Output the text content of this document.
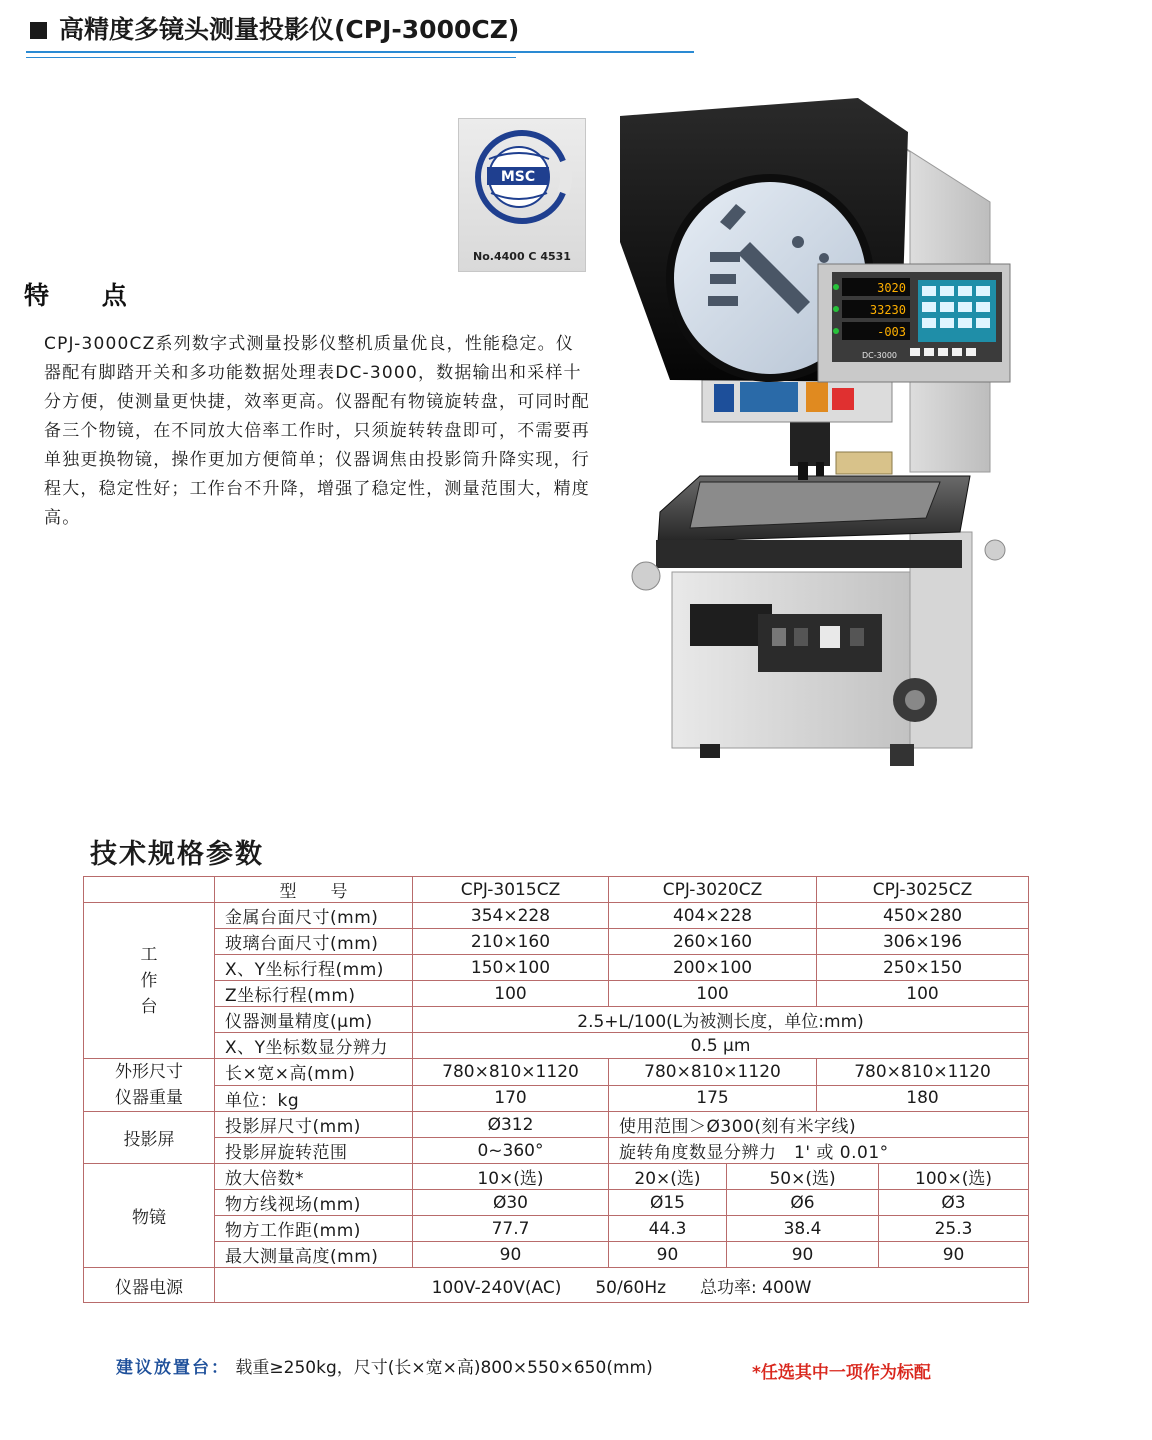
高精度多镜头测量投影仪(CPJ-3000CZ)
特 点
CPJ-3000CZ系列数字式测量投影仪整机质量优良，性能稳定。仪器配有脚踏开关和多功能数据处理表DC-3000，数据输出和采样十分方便，使测量更快捷，效率更高。仪器配有物镜旋转盘，可同时配备三个物镜，在不同放大倍率工作时，只须旋转转盘即可，不需要再单独更换物镜，操作更加方便简单；仪器调焦由投影筒升降实现，行程大，稳定性好；工作台不升降，增强了稳定性，测量范围大，精度高。
MSC
No.4400 C 4531
3020
33230
-003
DC-3000
技术规格参数
	型　　号	CPJ-3015CZ	CPJ-3020CZ		CPJ-3025CZ	
工
作
台	金属台面尺寸(mm)	354×228	404×228		450×280	
	玻璃台面尺寸(mm)	210×160	260×160		306×196	
	X、Y坐标行程(mm)	150×100	200×100		250×150	
	Z坐标行程(mm)	100	100		100	
	仪器测量精度(μm)	2.5+L/100(L为被测长度，单位:mm)				
	X、Y坐标数显分辨力	0.5 μm				
外形尺寸
仪器重量	长×宽×高(mm)	780×810×1120	780×810×1120		780×810×1120	
	单位：kg	170	175		180	
投影屏	投影屏尺寸(mm)	Ø312	使用范围＞Ø300(刻有米字线)			
	投影屏旋转范围	0~360°	旋转角度数显分辨力　1' 或 0.01°			
物镜	放大倍数*	10×(选)	20×(选)	50×(选)		100×(选)
	物方线视场(mm)	Ø30	Ø15	Ø6		Ø3
	物方工作距(mm)	77.7	44.3	38.4		25.3
	最大测量高度(mm)	90	90	90		90
仪器电源	100V-240V(AC)　　50/60Hz　　总功率: 400W					
建议放置台： 载重≥250kg，尺寸(长×宽×高)800×550×650(mm)	*任选其中一项作为标配
